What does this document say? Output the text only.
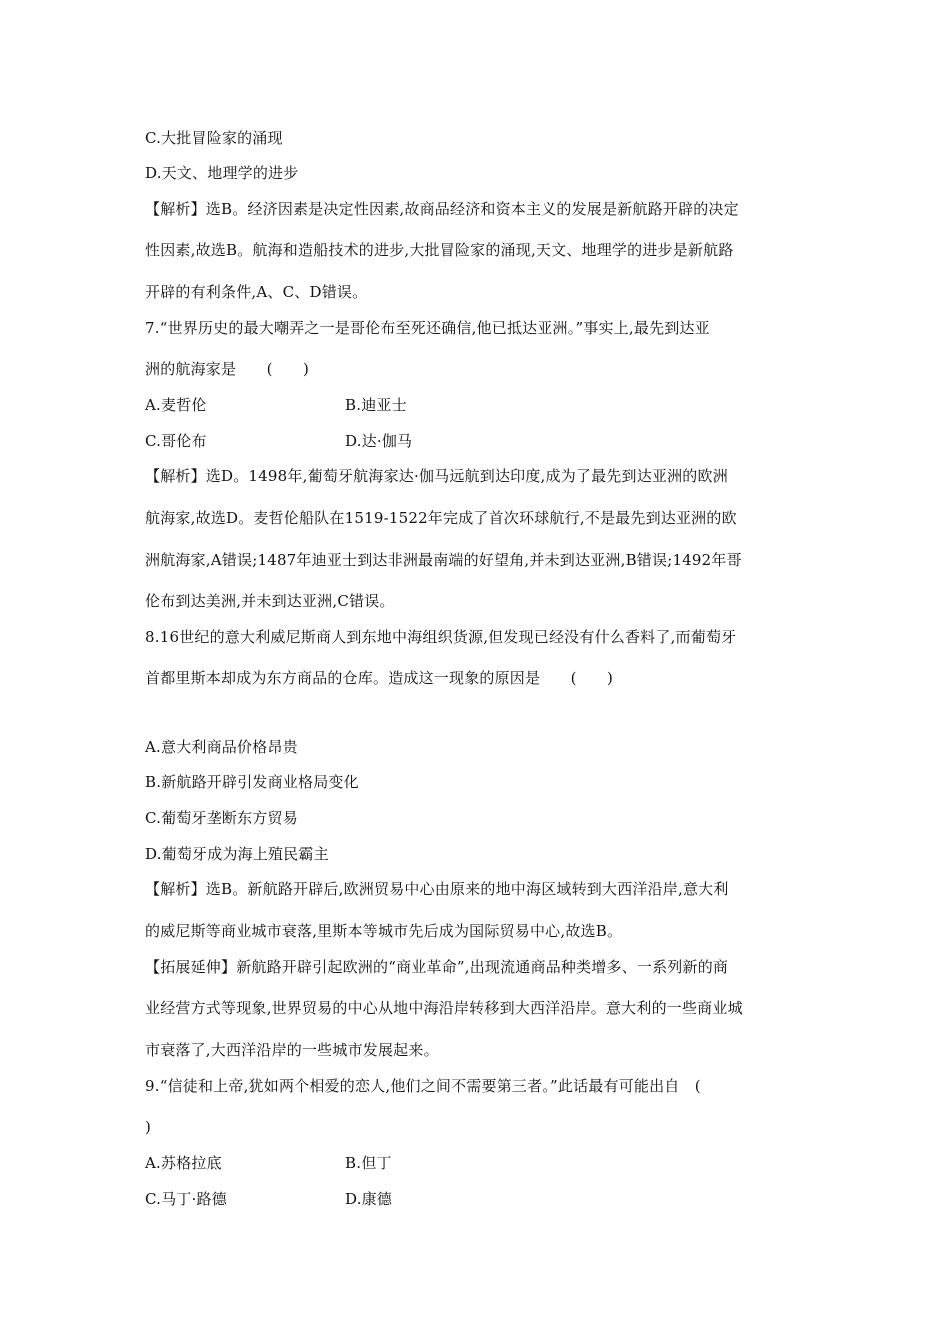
C.大批冒险家的涌现
D.天文、地理学的进步
【解析】选B。经济因素是决定性因素,故商品经济和资本主义的发展是新航路开辟的决定
性因素,故选B。航海和造船技术的进步,大批冒险家的涌现,天文、地理学的进步是新航路
开辟的有利条件,A、C、D错误。
7.“世界历史的最大嘲弄之一是哥伦布至死还确信,他已抵达亚洲。”事实上,最先到达亚
洲的航海家是　　(　　)
A.麦哲伦	B.迪亚士
C.哥伦布	D.达·伽马
【解析】选D。1498年,葡萄牙航海家达·伽马远航到达印度,成为了最先到达亚洲的欧洲
航海家,故选D。麦哲伦船队在1519-1522年完成了首次环球航行,不是最先到达亚洲的欧
洲航海家,A错误;1487年迪亚士到达非洲最南端的好望角,并未到达亚洲,B错误;1492年哥
伦布到达美洲,并未到达亚洲,C错误。
8.16世纪的意大利威尼斯商人到东地中海组织货源,但发现已经没有什么香料了,而葡萄牙
首都里斯本却成为东方商品的仓库。造成这一现象的原因是　　(　　)
A.意大利商品价格昂贵
B.新航路开辟引发商业格局变化
C.葡萄牙垄断东方贸易
D.葡萄牙成为海上殖民霸主
【解析】选B。新航路开辟后,欧洲贸易中心由原来的地中海区域转到大西洋沿岸,意大利
的威尼斯等商业城市衰落,里斯本等城市先后成为国际贸易中心,故选B。
【拓展延伸】新航路开辟引起欧洲的“商业革命”,出现流通商品种类增多、一系列新的商
业经营方式等现象,世界贸易的中心从地中海沿岸转移到大西洋沿岸。意大利的一些商业城
市衰落了,大西洋沿岸的一些城市发展起来。
9.“信徒和上帝,犹如两个相爱的恋人,他们之间不需要第三者。”此话最有可能出自　(
)
A.苏格拉底	B.但丁
C.马丁·路德	D.康德
